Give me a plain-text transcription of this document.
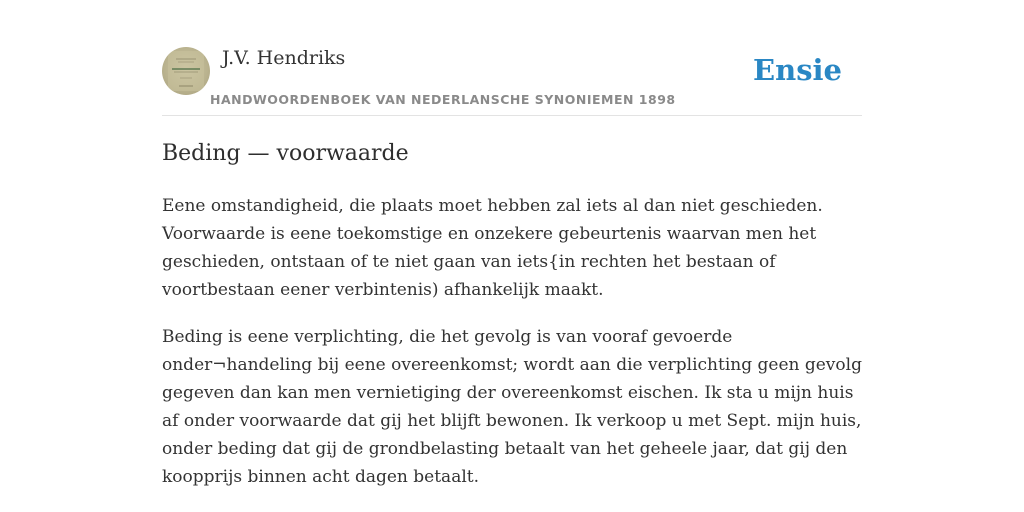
J.V. Hendriks
HANDWOORDENBOEK VAN NEDERLANSCHE SYNONIEMEN 1898
Ensie
Beding — voorwaarde

Eene omstandigheid, die plaats moet hebben zal iets al dan niet geschieden. Voorwaarde is eene toekomstige en onzekere gebeurtenis waarvan men het geschieden, ontstaan of te niet gaan van iets{in rechten het bestaan of voortbestaan eener verbintenis) afhankelijk maakt.

Beding is eene verplichting, die het gevolg is van vooraf gevoerde onder¬handeling bij eene overeenkomst; wordt aan die verplichting geen gevolg gegeven dan kan men vernietiging der overeenkomst eischen. Ik sta u mijn huis af onder voorwaarde dat gij het blijft bewonen. Ik verkoop u met Sept. mijn huis, onder beding dat gij de grondbelasting betaalt van het geheele jaar, dat gij den koopprijs binnen acht dagen betaalt.
